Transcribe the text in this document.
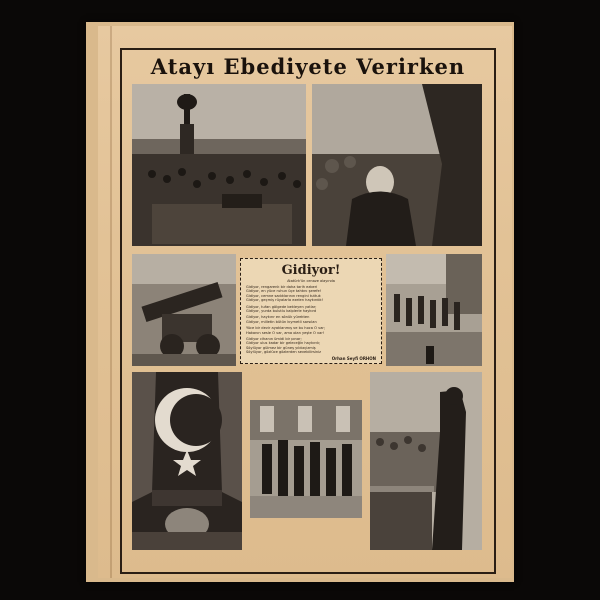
Atayı Ebediyete Verirken
Gidiyor!
Atatürk'ün cenaze alayında
Gidiyor, rengarenk bir daha tarih ezberi
Gidiyor, en yüce ruhun üçe tahtını şerefe!
Gidiyor, cemne sadıklarının rengini tuttuk
Gidiyor, geçmiş rüyalarla ezelen haykırdık!
Gidiyor, tufan gölgede bekleyen yatlar;
Gidiyor, yurda bulutlu kalplerle haykırd
Gidiyor, haykırır en sönük yürekten
Gidiyor, milletin bütün kıymetli sarsılan
Yüce bir devir ayaklanmış ve bu hoca O var;
Hakanın sesle O var, ama olan yeşte O var!
Gidiyor cihanın ümidi bir pınar;
Gidiyor ulus kadar bir geleceğin haykırdı;
Söylüyor gülmez bir güneş yıldızçizmiş
Söylüyor, gözlüce gözlerden sevebilirsiniz
Orhan Seyfi ORHON
